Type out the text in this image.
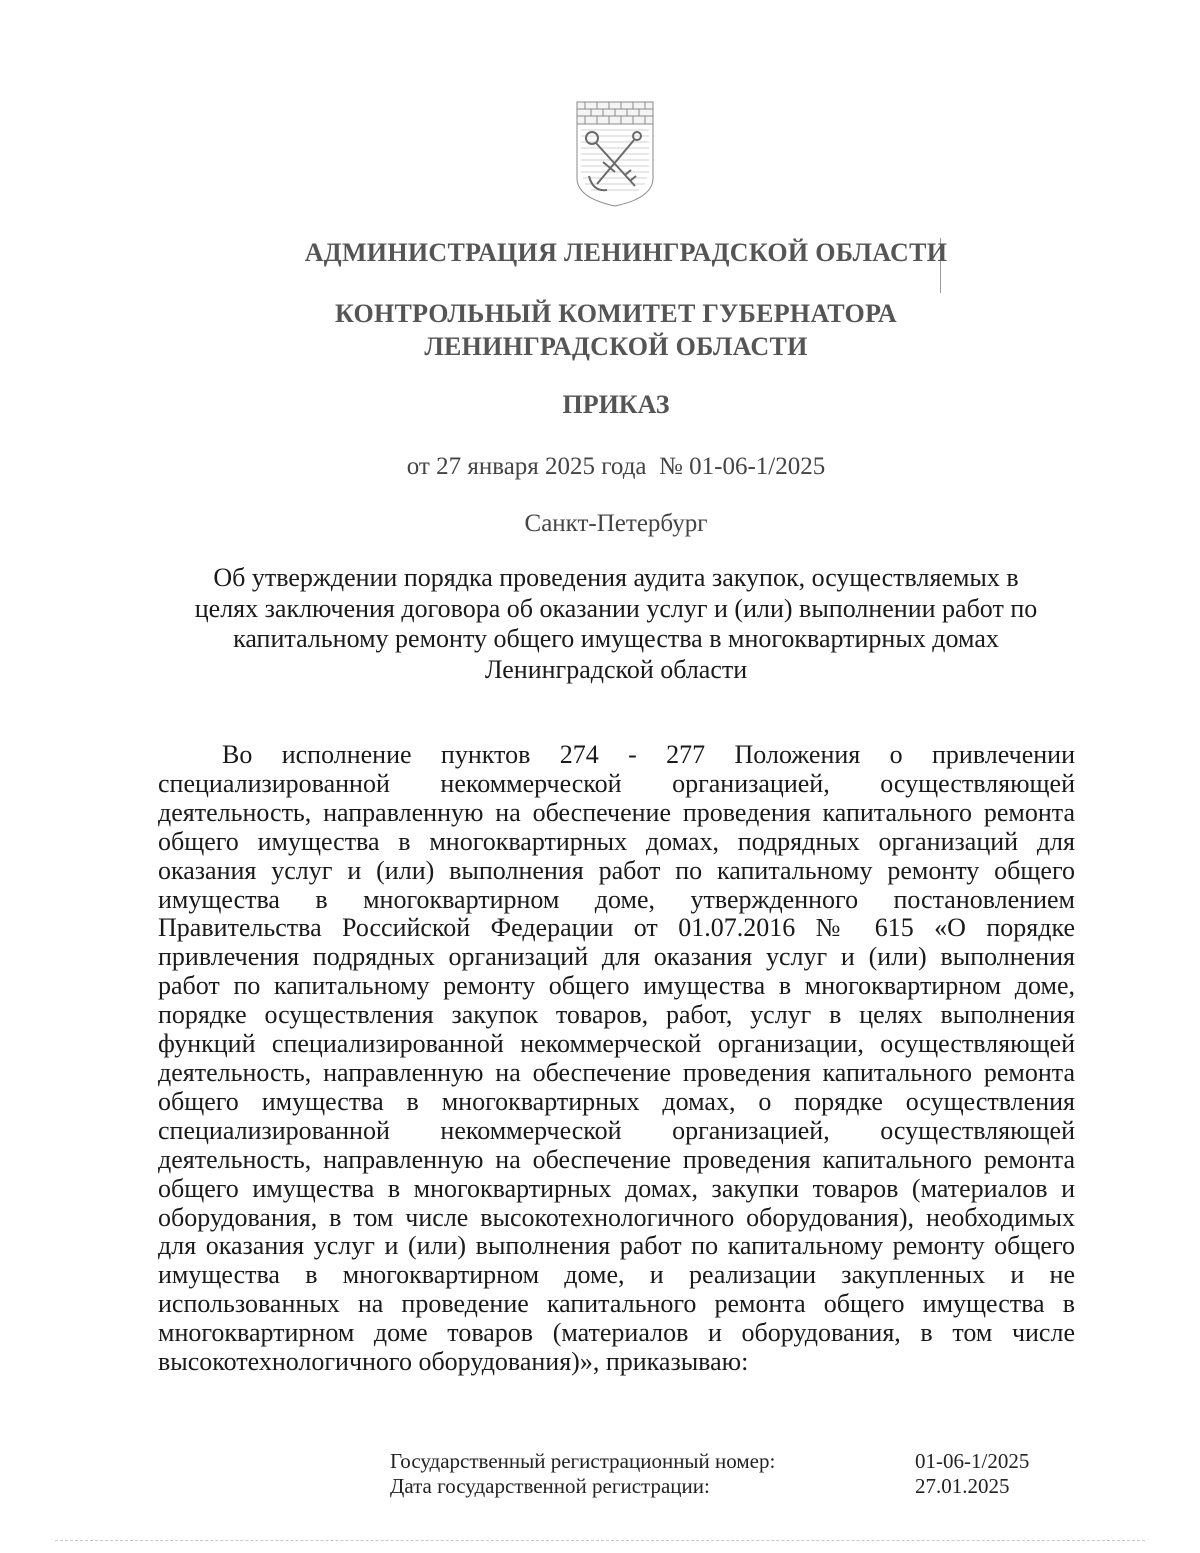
АДМИНИСТРАЦИЯ ЛЕНИНГРАДСКОЙ ОБЛАСТИ
КОНТРОЛЬНЫЙ КОМИТЕТ ГУБЕРНАТОРА
ЛЕНИНГРАДСКОЙ ОБЛАСТИ
ПРИКАЗ
от 27 января 2025 года  № 01-06-1/2025
Санкт-Петербург
Об утверждении порядка проведения аудита закупок, осуществляемых в
целях заключения договора об оказании услуг и (или) выполнении работ по
капитальному ремонту общего имущества в многоквартирных домах
Ленинградской области

Во исполнение пунктов 274 - 277 Положения о привлечении специализированной некоммерческой организацией, осуществляющей деятельность, направленную на обеспечение проведения капитального ремонта общего имущества в многоквартирных домах, подрядных организаций для оказания услуг и (или) выполнения работ по капитальному ремонту общего имущества в многоквартирном доме, утвержденного постановлением Правительства Российской Федерации от 01.07.2016 № 615 «О порядке привлечения подрядных организаций для оказания услуг и (или) выполнения работ по капитальному ремонту общего имущества в многоквартирном доме, порядке осуществления закупок товаров, работ, услуг в целях выполнения функций специализированной некоммерческой организации, осуществляющей деятельность, направленную на обеспечение проведения капитального ремонта общего имущества в многоквартирных домах, о порядке осуществления специализированной некоммерческой организацией, осуществляющей деятельность, направленную на обеспечение проведения капитального ремонта общего имущества в многоквартирных домах, закупки товаров (материалов и оборудования, в том числе высокотехнологичного оборудования), необходимых для оказания услуг и (или) выполнения работ по капитальному ремонту общего имущества в многоквартирном доме, и реализации закупленных и не использованных на проведение капитального ремонта общего имущества в многоквартирном доме товаров (материалов и оборудования, в том числе высокотехнологичного оборудования)», приказываю:

Государственный регистрационный номер:	01-06-1/2025
Дата государственной регистрации:	27.01.2025
